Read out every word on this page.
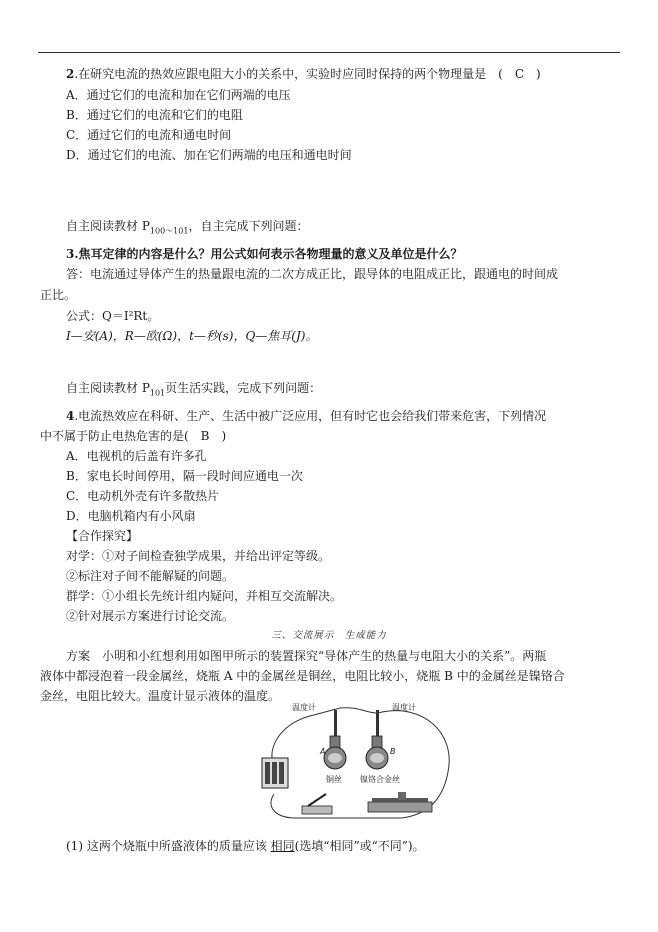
2.在研究电流的热效应跟电阻大小的关系中，实验时应同时保持的两个物理量是　(　C　)
A．通过它们的电流和加在它们两端的电压
B．通过它们的电流和它们的电阻
C．通过它们的电流和通电时间
D．通过它们的电流、加在它们两端的电压和通电时间
自主阅读教材 $P_{100\sim 101}$，自主完成下列问题：
3.焦耳定律的内容是什么？用公式如何表示各物理量的意义及单位是什么？
答：电流通过导体产生的热量跟电流的二次方成正比，跟导体的电阻成正比，跟通电的时间成
正比。
公式：Q＝I²Rt。
I—安(A)，R—欧(Ω)，t—秒(s)，Q—焦耳(J)。
自主阅读教材 $P_{101}$页生活实践，完成下列问题：
4.电流热效应在科研、生产、生活中被广泛应用，但有时它也会给我们带来危害，下列情况
中不属于防止电热危害的是(　B　)
A．电视机的后盖有许多孔
B．家电长时间停用，隔一段时间应通电一次
C．电动机外壳有许多散热片
D．电脑机箱内有小风扇
【合作探究】
对学：①对子间检查独学成果，并给出评定等级。
②标注对子间不能解疑的问题。
群学：①小组长先统计组内疑问，并相互交流解决。
②针对展示方案进行讨论交流。
三、交流展示　生成能力
方案　小明和小红想利用如图甲所示的装置探究“导体产生的热量与电阻大小的关系”。两瓶
液体中都浸泡着一段金属丝，烧瓶 A 中的金属丝是铜丝，电阻比较小，烧瓶 B 中的金属丝是镍铬合
金丝，电阻比较大。温度计显示液体的温度。
温度计	温度计
A	B
铜丝 镍铬合金丝
(1) 这两个烧瓶中所盛液体的质量应该 相同(选填“相同”或“不同”)。
